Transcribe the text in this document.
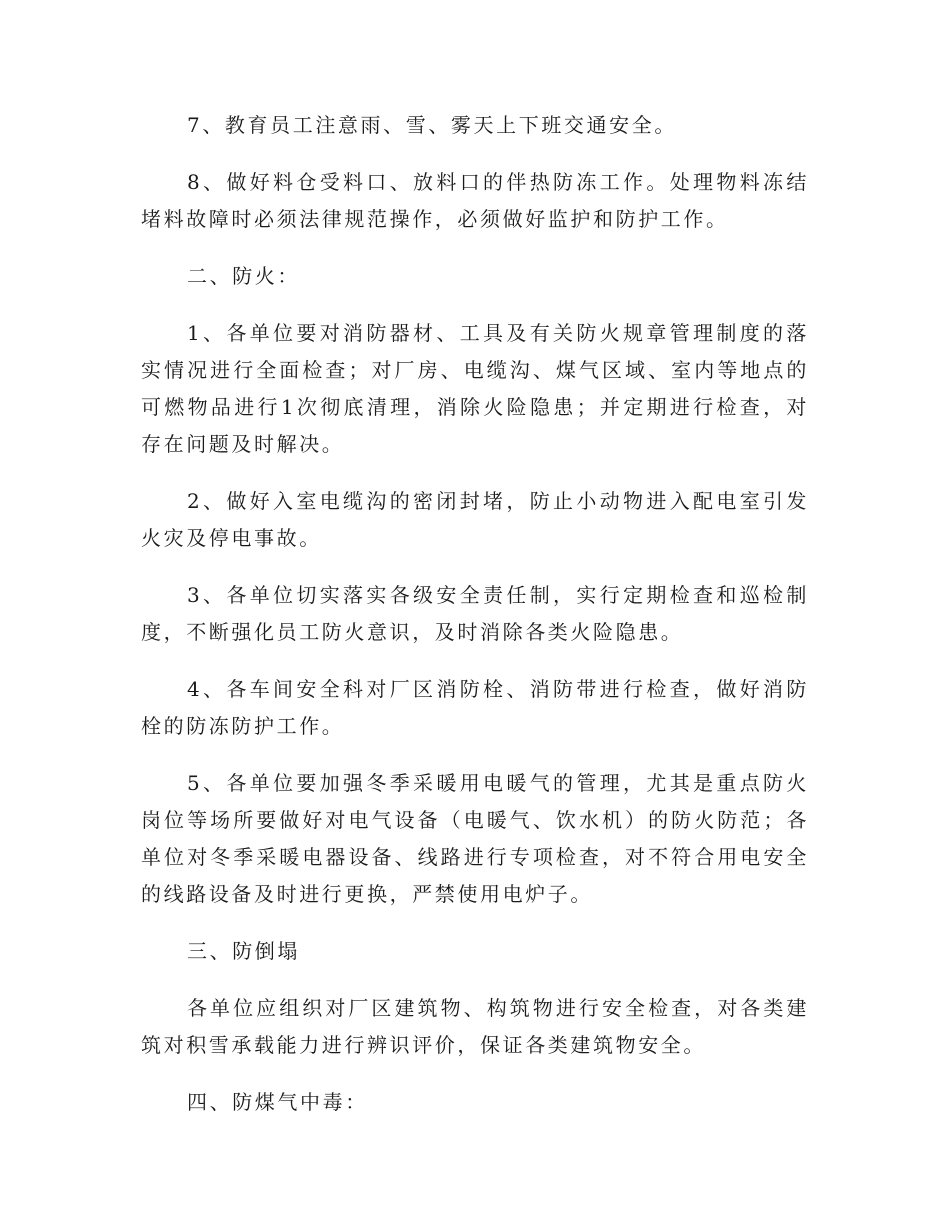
7、教育员工注意雨、雪、雾天上下班交通安全。

8、做好料仓受料口、放料口的伴热防冻工作。处理物料冻结堵料故障时必须法律规范操作，必须做好监护和防护工作。

二、防火：

1、各单位要对消防器材、工具及有关防火规章管理制度的落实情况进行全面检查；对厂房、电缆沟、煤气区域、室内等地点的可燃物品进行1次彻底清理，消除火险隐患；并定期进行检查，对存在问题及时解决。

2、做好入室电缆沟的密闭封堵，防止小动物进入配电室引发火灾及停电事故。

3、各单位切实落实各级安全责任制，实行定期检查和巡检制度，不断强化员工防火意识，及时消除各类火险隐患。

4、各车间安全科对厂区消防栓、消防带进行检查，做好消防栓的防冻防护工作。

5、各单位要加强冬季采暖用电暖气的管理，尤其是重点防火岗位等场所要做好对电气设备（电暖气、饮水机）的防火防范；各单位对冬季采暖电器设备、线路进行专项检查，对不符合用电安全的线路设备及时进行更换，严禁使用电炉子。

三、防倒塌

各单位应组织对厂区建筑物、构筑物进行安全检查，对各类建筑对积雪承载能力进行辨识评价，保证各类建筑物安全。

四、防煤气中毒：
